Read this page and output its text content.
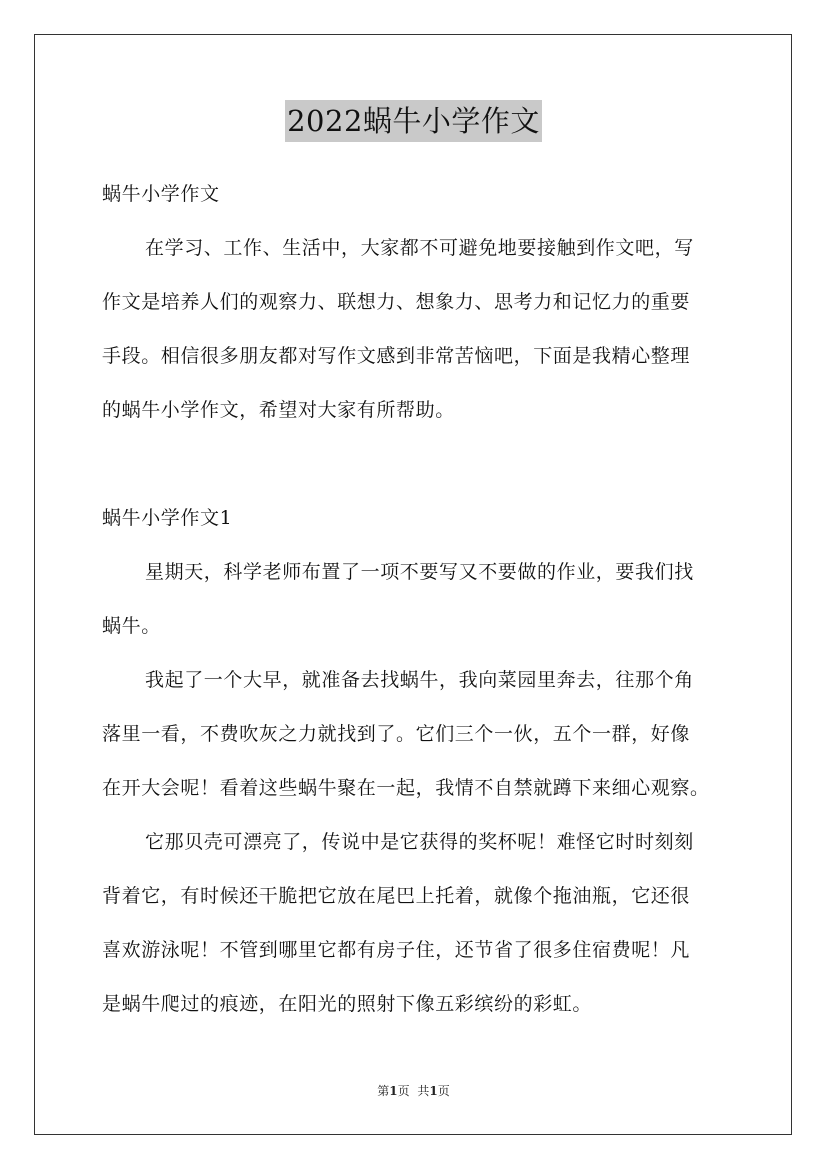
2022蜗牛小学作文
蜗牛小学作文
在学习、工作、生活中，大家都不可避免地要接触到作文吧，写
作文是培养人们的观察力、联想力、想象力、思考力和记忆力的重要
手段。相信很多朋友都对写作文感到非常苦恼吧，下面是我精心整理
的蜗牛小学作文，希望对大家有所帮助。
蜗牛小学作文1
星期天，科学老师布置了一项不要写又不要做的作业，要我们找
蜗牛。
我起了一个大早，就准备去找蜗牛，我向菜园里奔去，往那个角
落里一看，不费吹灰之力就找到了。它们三个一伙，五个一群，好像
在开大会呢！看着这些蜗牛聚在一起，我情不自禁就蹲下来细心观察。
它那贝壳可漂亮了，传说中是它获得的奖杯呢！难怪它时时刻刻
背着它，有时候还干脆把它放在尾巴上托着，就像个拖油瓶，它还很
喜欢游泳呢！不管到哪里它都有房子住，还节省了很多住宿费呢！凡
是蜗牛爬过的痕迹，在阳光的照射下像五彩缤纷的彩虹。
第1页 共1页
